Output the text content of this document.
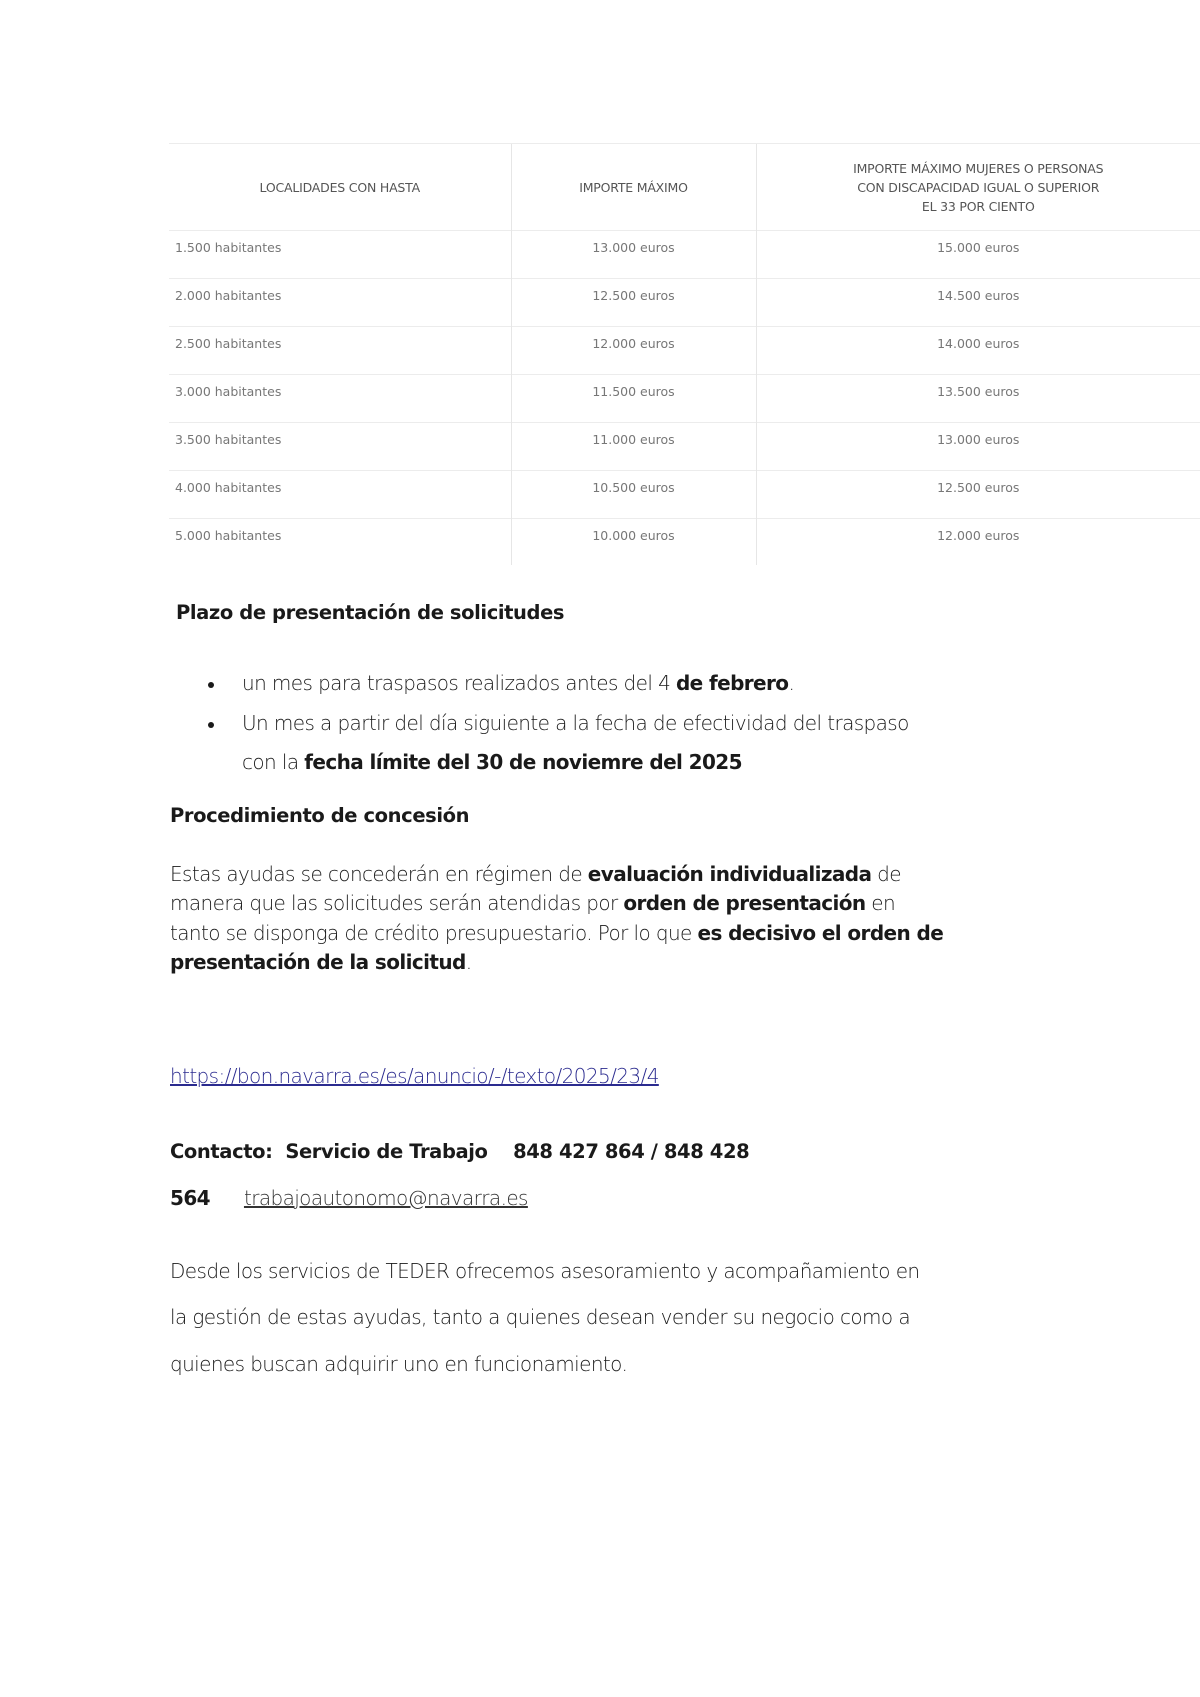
LOCALIDADES CON HASTA	IMPORTE MÁXIMO	IMPORTE MÁXIMO MUJERES O PERSONAS
CON DISCAPACIDAD IGUAL O SUPERIOR
EL 33 POR CIENTO
1.500 habitantes	13.000 euros	15.000 euros
2.000 habitantes	12.500 euros	14.500 euros
2.500 habitantes	12.000 euros	14.000 euros
3.000 habitantes	11.500 euros	13.500 euros
3.500 habitantes	11.000 euros	13.000 euros
4.000 habitantes	10.500 euros	12.500 euros
5.000 habitantes	10.000 euros	12.000 euros
Plazo de presentación de solicitudes
un mes para traspasos realizados antes del 4 de febrero.
Un mes a partir del día siguiente a la fecha de efectividad del traspaso
con la fecha límite del 30 de noviemre del 2025
Procedimiento de concesión
Estas ayudas se concederán en régimen de evaluación individualizada de
manera que las solicitudes serán atendidas por orden de presentación en
tanto se disponga de crédito presupuestario. Por lo que es decisivo el orden de
presentación de la solicitud.
https://bon.navarra.es/es/anuncio/-/texto/2025/23/4
Contacto:  Servicio de Trabajo    848 427 864 / 848 428
564 trabajoautonomo@navarra.es
Desde los servicios de TEDER ofrecemos asesoramiento y acompañamiento en
la gestión de estas ayudas, tanto a quienes desean vender su negocio como a
quienes buscan adquirir uno en funcionamiento.
